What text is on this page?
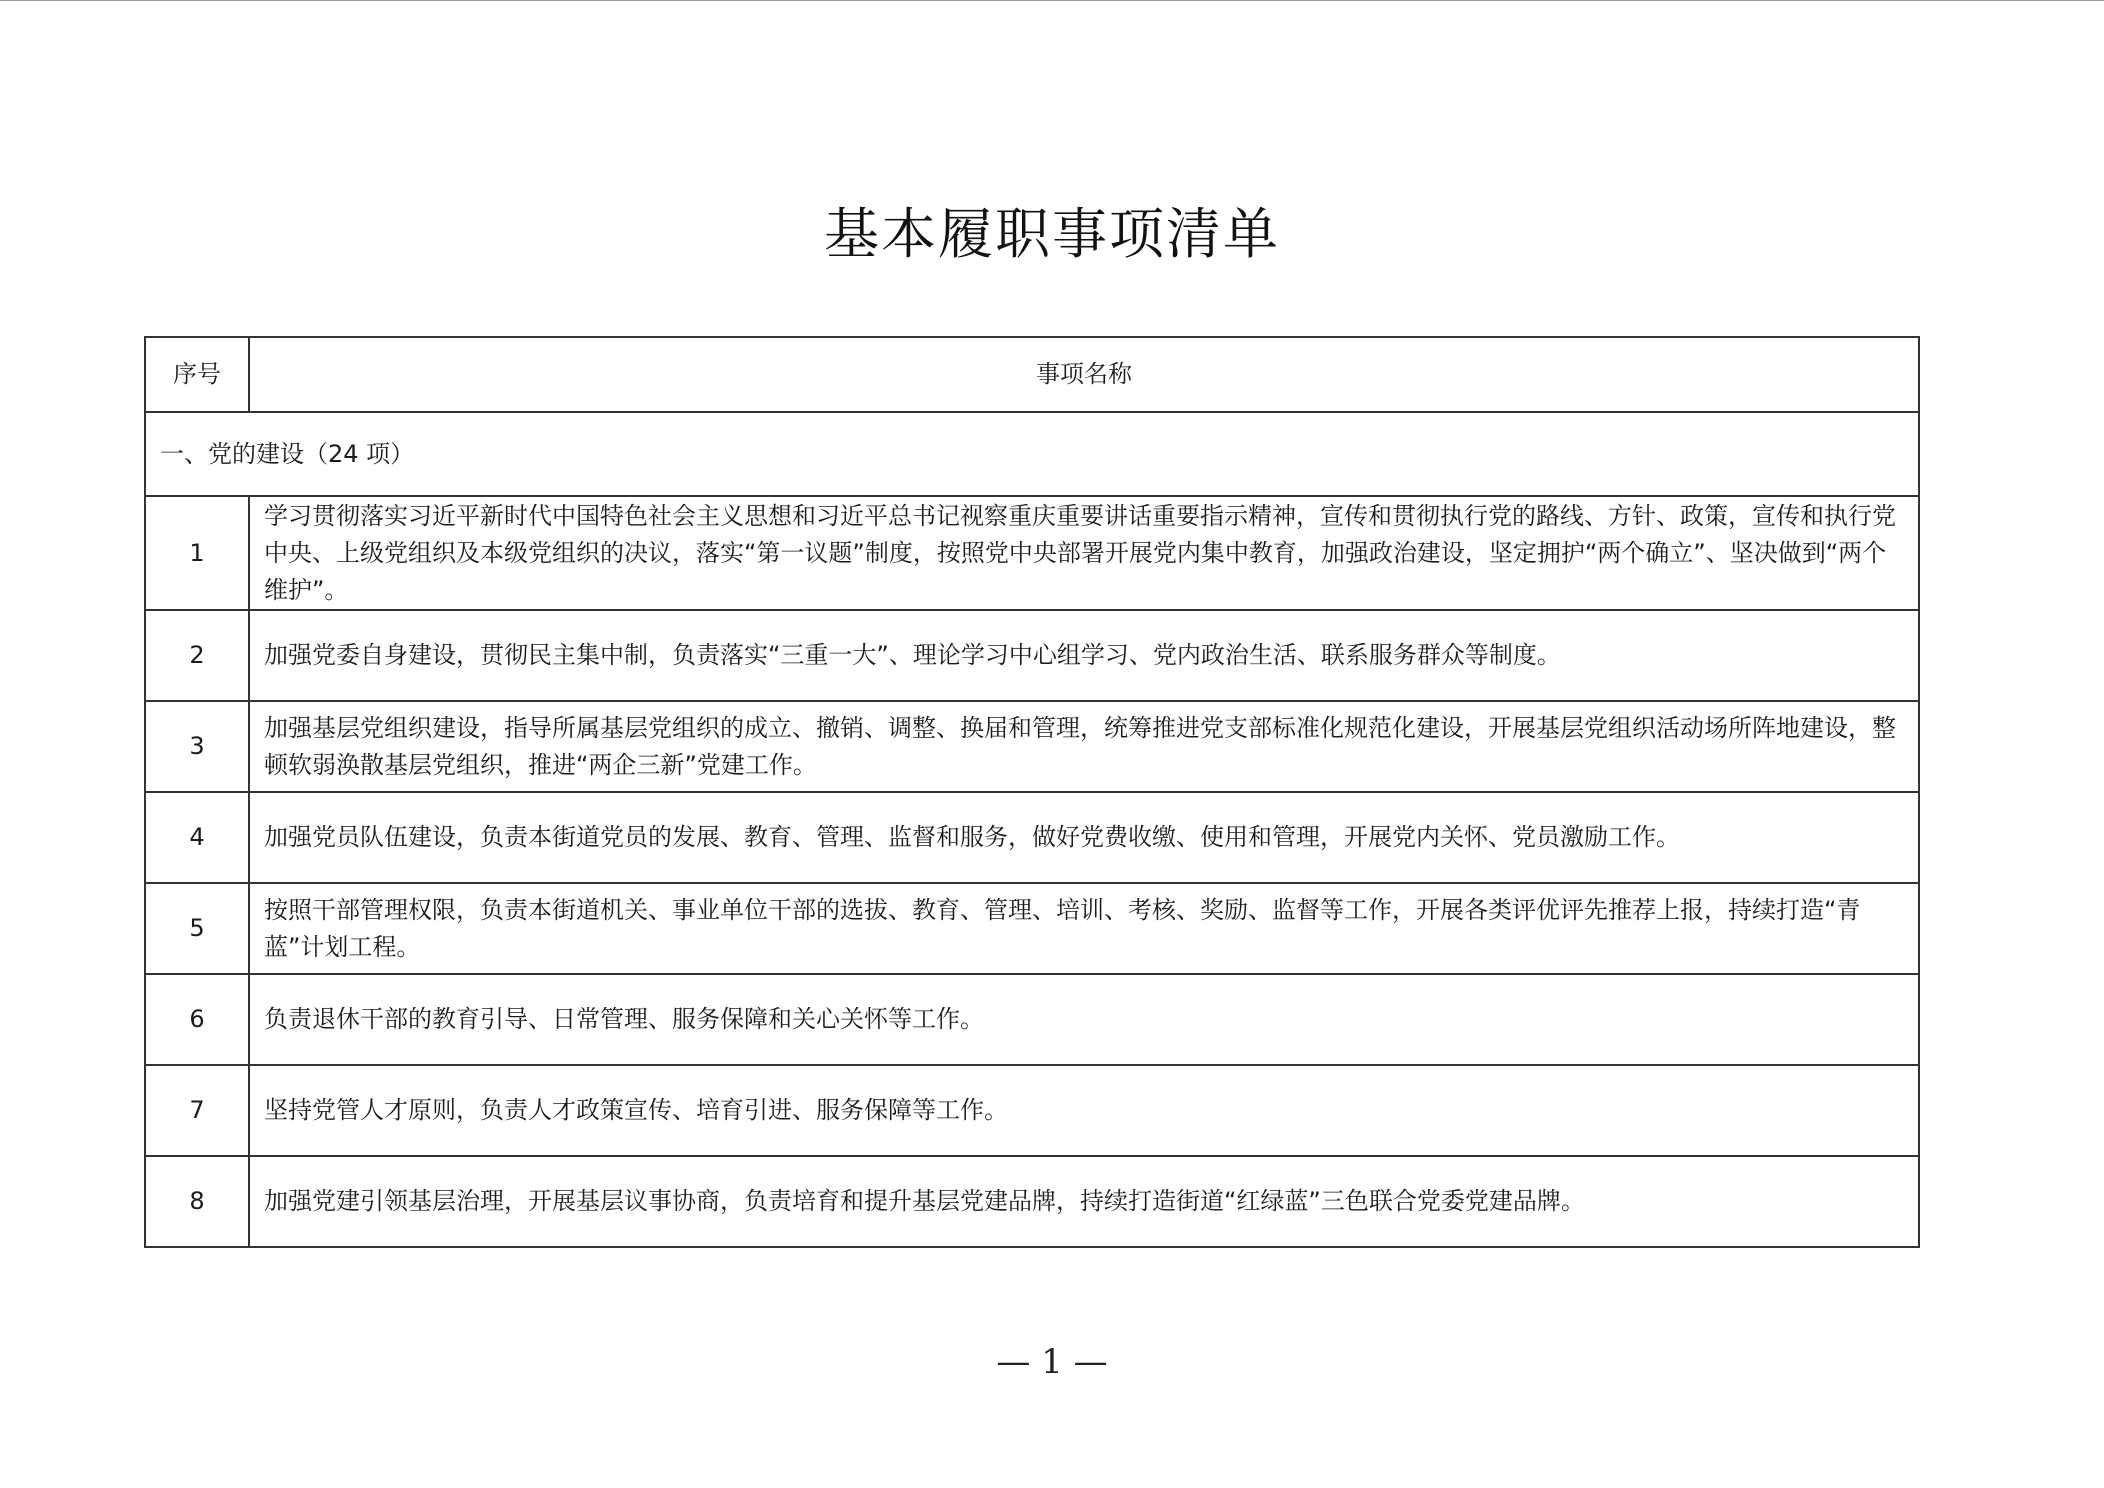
基本履职事项清单
序号	事项名称
一、党的建设（24 项）	
1	学习贯彻落实习近平新时代中国特色社会主义思想和习近平总书记视察重庆重要讲话重要指示精神，宣传和贯彻执行党的路线、方针、政策，宣传和执行党中央、上级党组织及本级党组织的决议，落实“第一议题”制度，按照党中央部署开展党内集中教育，加强政治建设，坚定拥护“两个确立”、坚决做到“两个维护”。
2	加强党委自身建设，贯彻民主集中制，负责落实“三重一大”、理论学习中心组学习、党内政治生活、联系服务群众等制度。
3	加强基层党组织建设，指导所属基层党组织的成立、撤销、调整、换届和管理，统筹推进党支部标准化规范化建设，开展基层党组织活动场所阵地建设，整顿软弱涣散基层党组织，推进“两企三新”党建工作。
4	加强党员队伍建设，负责本街道党员的发展、教育、管理、监督和服务，做好党费收缴、使用和管理，开展党内关怀、党员激励工作。
5	按照干部管理权限，负责本街道机关、事业单位干部的选拔、教育、管理、培训、考核、奖励、监督等工作，开展各类评优评先推荐上报，持续打造“青蓝”计划工程。
6	负责退休干部的教育引导、日常管理、服务保障和关心关怀等工作。
7	坚持党管人才原则，负责人才政策宣传、培育引进、服务保障等工作。
8	加强党建引领基层治理，开展基层议事协商，负责培育和提升基层党建品牌，持续打造街道“红绿蓝”三色联合党委党建品牌。
— 1 —
